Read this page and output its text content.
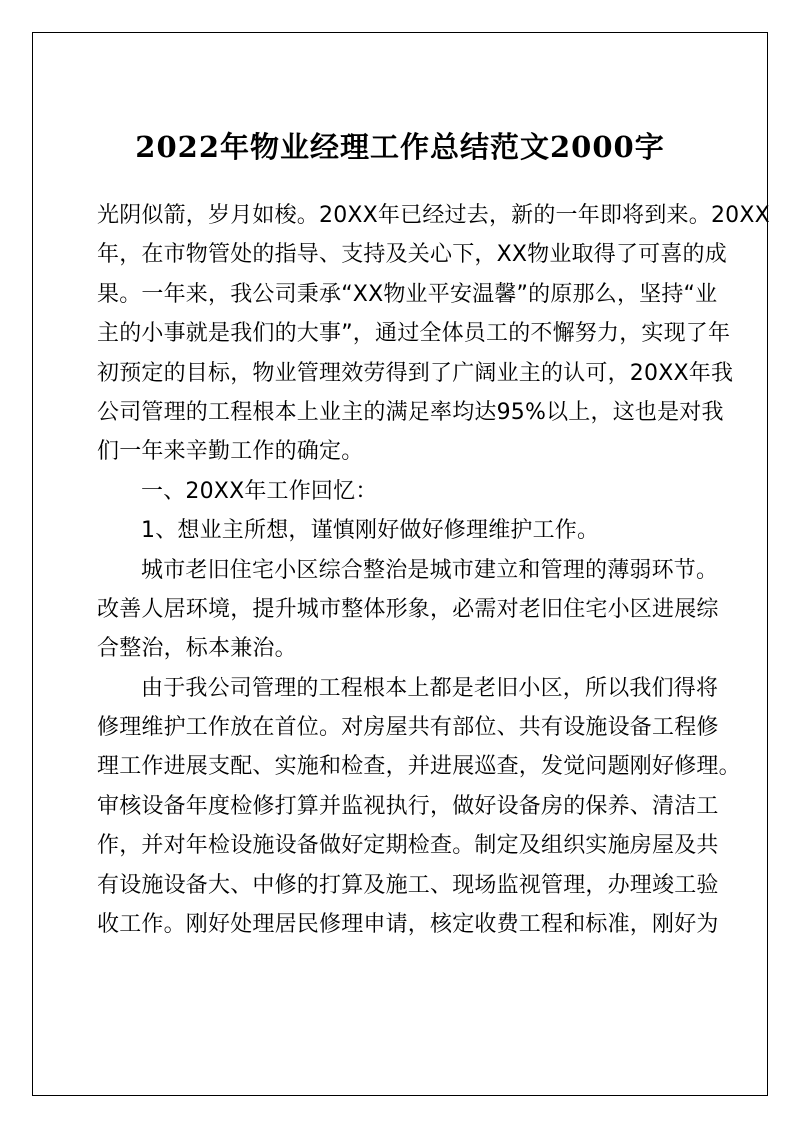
2022年物业经理工作总结范文2000字
光阴似箭，岁月如梭。20XX年已经过去，新的一年即将到来。20XX
年，在市物管处的指导、支持及关心下，XX物业取得了可喜的成
果。一年来，我公司秉承“XX物业平安温馨”的原那么，坚持“业
主的小事就是我们的大事”，通过全体员工的不懈努力，实现了年
初预定的目标，物业管理效劳得到了广阔业主的认可，20XX年我
公司管理的工程根本上业主的满足率均达95%以上，这也是对我
们一年来辛勤工作的确定。
一、20XX年工作回忆：
1、想业主所想，谨慎刚好做好修理维护工作。
城市老旧住宅小区综合整治是城市建立和管理的薄弱环节。
改善人居环境，提升城市整体形象，必需对老旧住宅小区进展综
合整治，标本兼治。
由于我公司管理的工程根本上都是老旧小区，所以我们得将
修理维护工作放在首位。对房屋共有部位、共有设施设备工程修
理工作进展支配、实施和检查，并进展巡查，发觉问题刚好修理。
审核设备年度检修打算并监视执行，做好设备房的保养、清洁工
作，并对年检设施设备做好定期检查。制定及组织实施房屋及共
有设施设备大、中修的打算及施工、现场监视管理，办理竣工验
收工作。刚好处理居民修理申请，核定收费工程和标准，刚好为
